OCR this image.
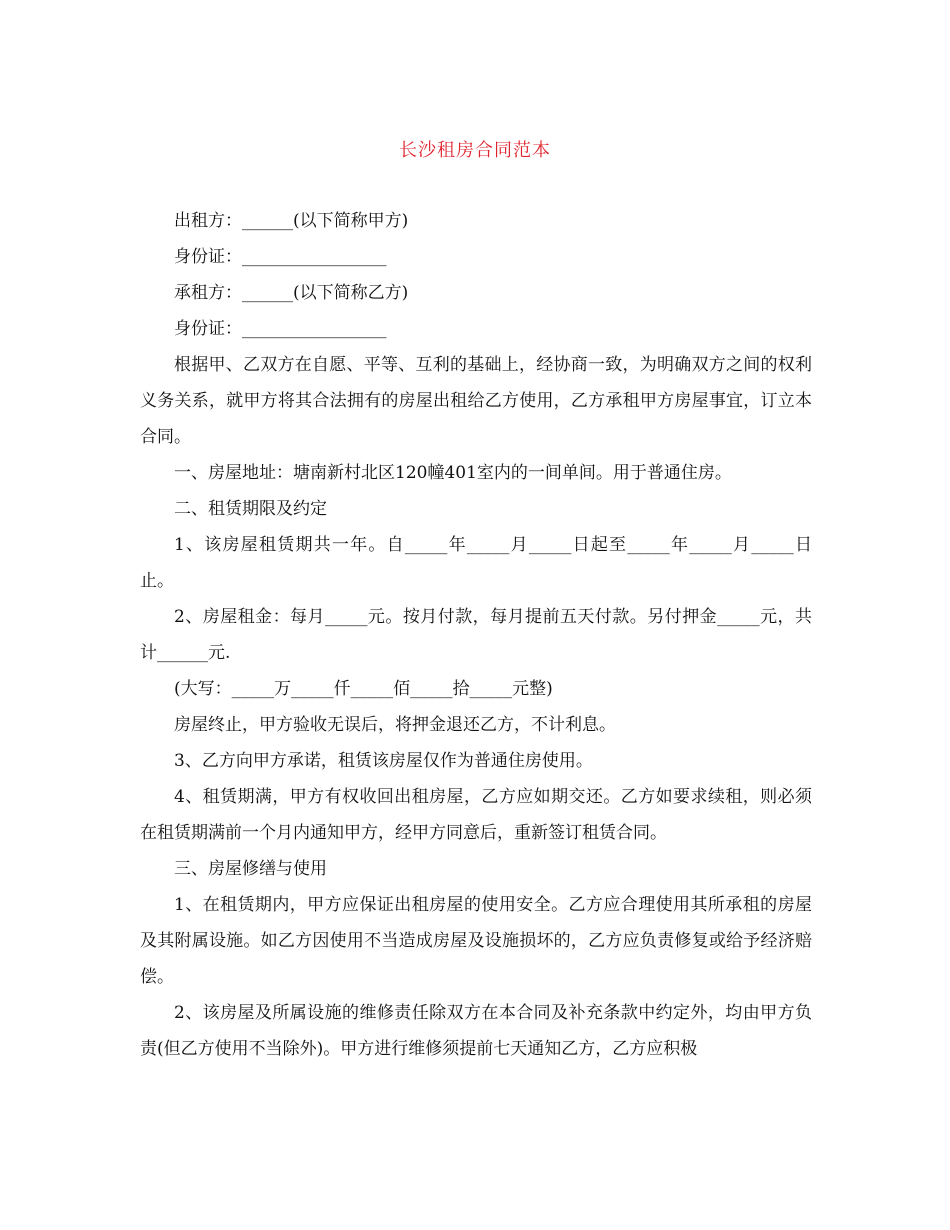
长沙租房合同范本

出租方：______(以下简称甲方)

身份证：_________________

承租方：______(以下简称乙方)

身份证：_________________

根据甲、乙双方在自愿、平等、互利的基础上，经协商一致，为明确双方之间的权利义务关系，就甲方将其合法拥有的房屋出租给乙方使用，乙方承租甲方房屋事宜，订立本合同。

一、房屋地址：塘南新村北区120幢401室内的一间单间。用于普通住房。

二、租赁期限及约定

1、该房屋租赁期共一年。自_____年_____月_____日起至_____年_____月_____日止。

2、房屋租金：每月_____元。按月付款，每月提前五天付款。另付押金_____元，共计______元.

(大写：_____万_____仟_____佰_____拾_____元整)

房屋终止，甲方验收无误后，将押金退还乙方，不计利息。

3、乙方向甲方承诺，租赁该房屋仅作为普通住房使用。

4、租赁期满，甲方有权收回出租房屋，乙方应如期交还。乙方如要求续租，则必须在租赁期满前一个月内通知甲方，经甲方同意后，重新签订租赁合同。

三、房屋修缮与使用

1、在租赁期内，甲方应保证出租房屋的使用安全。乙方应合理使用其所承租的房屋及其附属设施。如乙方因使用不当造成房屋及设施损坏的，乙方应负责修复或给予经济赔偿。

2、该房屋及所属设施的维修责任除双方在本合同及补充条款中约定外，均由甲方负责(但乙方使用不当除外)。甲方进行维修须提前七天通知乙方，乙方应积极
